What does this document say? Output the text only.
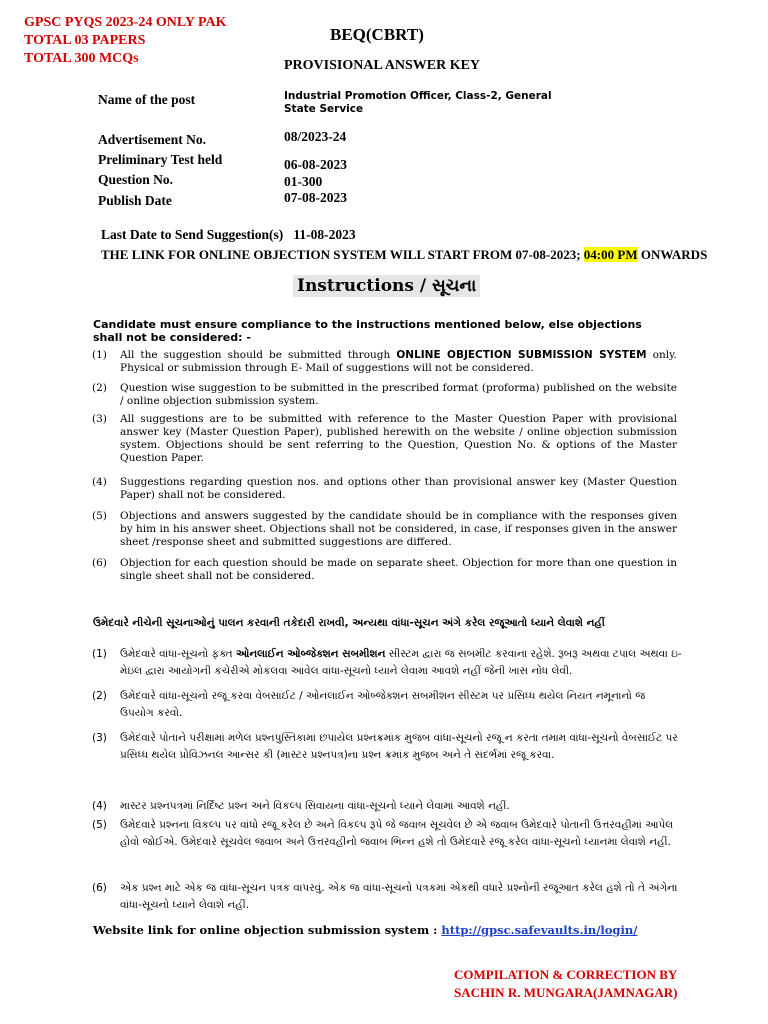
GPSC PYQS 2023-24 ONLY PAK
TOTAL 03 PAPERS
TOTAL 300 MCQs
BEQ(CBRT)
PROVISIONAL ANSWER KEY
Name of the post	Industrial Promotion Officer, Class-2, General State Service
Advertisement No.	08/2023-24
Preliminary Test held	06-08-2023
Question No.	01-300
Publish Date	07-08-2023
Last Date to Send Suggestion(s) 11-08-2023
THE LINK FOR ONLINE OBJECTION SYSTEM WILL START FROM 07-08-2023; 04:00 PM ONWARDS
Instructions / સૂચના
Candidate must ensure compliance to the instructions mentioned below, else objections shall not be considered: -
(1) All the suggestion should be submitted through ONLINE OBJECTION SUBMISSION SYSTEM only. Physical or submission through E- Mail of suggestions will not be considered.
(2) Question wise suggestion to be submitted in the prescribed format (proforma) published on the website / online objection submission system.
(3) All suggestions are to be submitted with reference to the Master Question Paper with provisional answer key (Master Question Paper), published herewith on the website / online objection submission system. Objections should be sent referring to the Question, Question No. & options of the Master Question Paper.
(4) Suggestions regarding question nos. and options other than provisional answer key (Master Question Paper) shall not be considered.
(5) Objections and answers suggested by the candidate should be in compliance with the responses given by him in his answer sheet. Objections shall not be considered, in case, if responses given in the answer sheet /response sheet and submitted suggestions are differed.
(6) Objection for each question should be made on separate sheet. Objection for more than one question in single sheet shall not be considered.
ઉમેદવારે નીચેની સૂચનાઓનું પાલન કરવાની તકેદારી રાખવી, અન્યથા વાંધા-સૂચન અંગે કરેલ રજૂઆતો ધ્યાને લેવાશે નહીં
(1) ઉમેદવારે વાંધા-સૂચનો ફક્ત ઓનલાઈન ઓબ્જેક્શન સબમીશન સીસ્ટમ દ્વારા જ સબમીટ કરવાના રહેશે. રૂબરૂ અથવા ટપાલ અથવા ઇ- મેઇલ દ્વારા આયોગની કચેરીએ મોકલવા આવેલ વાંધા-સૂચનો ધ્યાને લેવામા આવશે નહીં જેની ખાસ નોંધ લેવી.
(2) ઉમેદવારે વાંધા-સૂચનો રજૂ કરવા વેબસાઈટ / ઓનલાઈન ઓબ્જેક્શન સબમીશન સીસ્ટમ પર પ્રસિધ્ધ થયેલ નિયત નમૂનાનો જ ઉપયોગ કરવો.
(3) ઉમેદવારે પોતાને પરીક્ષામાં મળેલ પ્રશ્નપુસ્તિકામાં છપાયેલ પ્રશ્નક્રમાંક મુજબ વાંધા-સૂચનો રજૂ ન કરતા તમામ વાંધા-સૂચનો વેબસાઈટ પર પ્રસિધ્ધ થયેલ પ્રોવિઝનલ આન્સર કી (માસ્ટર પ્રશ્નપત્ર)ના પ્રશ્ન ક્રમાંક મુજબ અને તે સંદર્ભમાં રજૂ કરવા.
(4) માસ્ટર પ્રશ્નપત્રમાં નિર્દિષ્ટ પ્રશ્ન અને વિકલ્પ સિવાયના વાંધા-સૂચનો ધ્યાને લેવામાં આવશે નહીં.
(5) ઉમેદવારે પ્રશ્નના વિકલ્પ પર વાંધો રજૂ કરેલ છે અને વિકલ્પ રૂપે જે જવાબ સૂચવેલ છે એ જવાબ ઉમેદવારે પોતાની ઉત્તરવહીમાં આપેલ હોવો જોઈએ. ઉમેદવારે સૂચવેલ જવાબ અને ઉત્તરવહીનો જવાબ ભિન્ન હશે તો ઉમેદવારે રજૂ કરેલ વાંધા-સૂચનો ધ્યાનમા લેવાશે નહીં.
(6) એક પ્રશ્ન માટે એક જ વાંધા-સૂચન પત્રક વાપરવું. એક જ વાંધા-સૂચનો પત્રકમાં એકથી વધારે પ્રશ્નોની રજૂઆત કરેલ હશે તો તે અંગેના વાંધા-સૂચનો ધ્યાને લેવાશે નહીં.
Website link for online objection submission system : http://gpsc.safevaults.in/login/
COMPILATION & CORRECTION BY
SACHIN R. MUNGARA(JAMNAGAR)
